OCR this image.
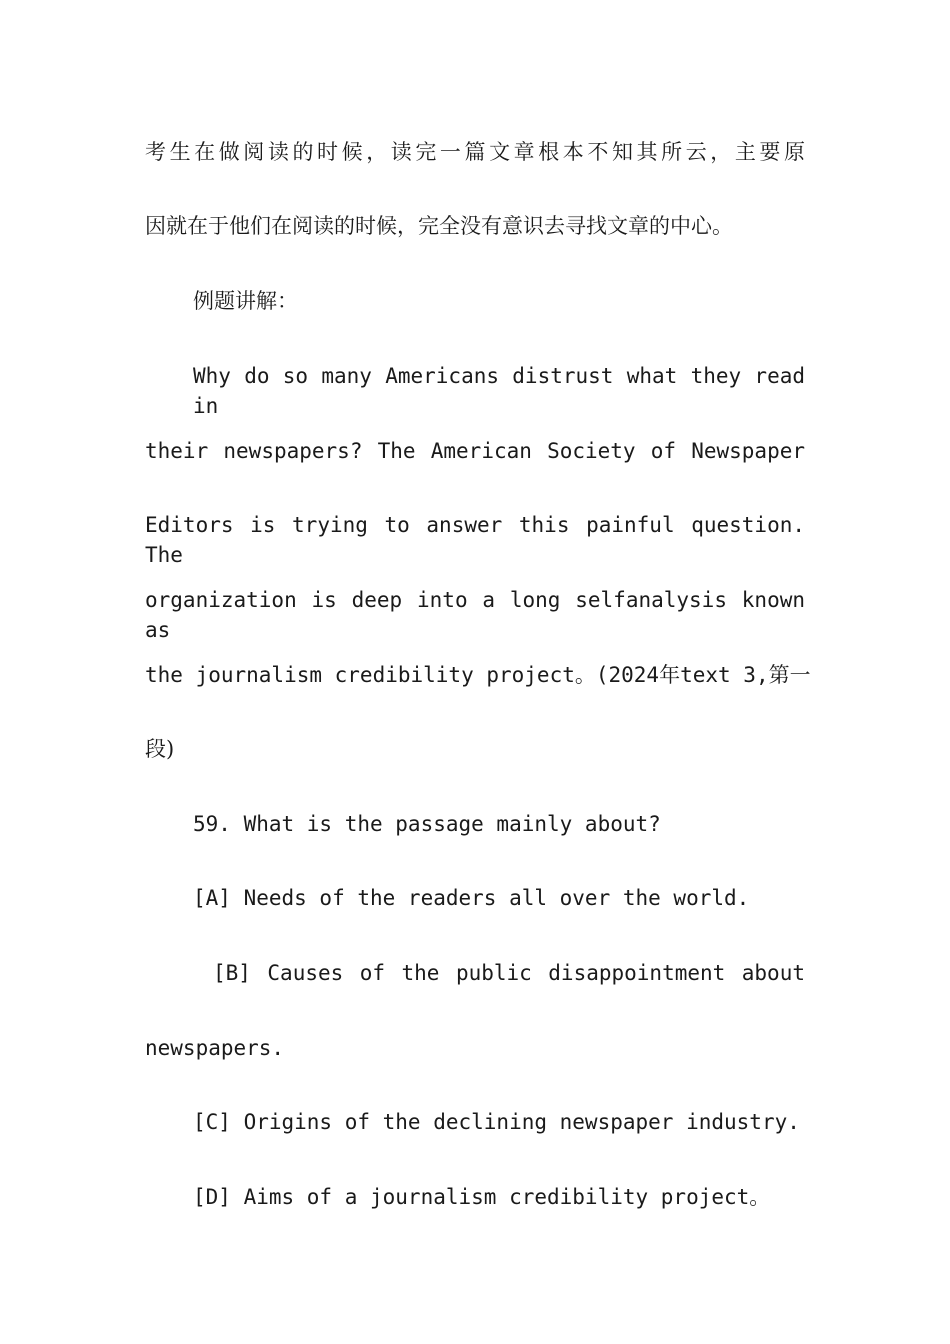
考生在做阅读的时候，读完一篇文章根本不知其所云，主要原
因就在于他们在阅读的时候，完全没有意识去寻找文章的中心。
例题讲解：
Why do so many Americans distrust what they read in
their newspapers? The American Society of Newspaper
Editors is trying to answer this painful question. The
organization is deep into a long selfanalysis known as
the journalism credibility project。(2024年text 3,第一
段)
59. What is the passage mainly about?
[A] Needs of the readers all over the world.
[B] Causes of the public disappointment about
newspapers.
[C] Origins of the declining newspaper industry.
[D] Aims of a journalism credibility project。
